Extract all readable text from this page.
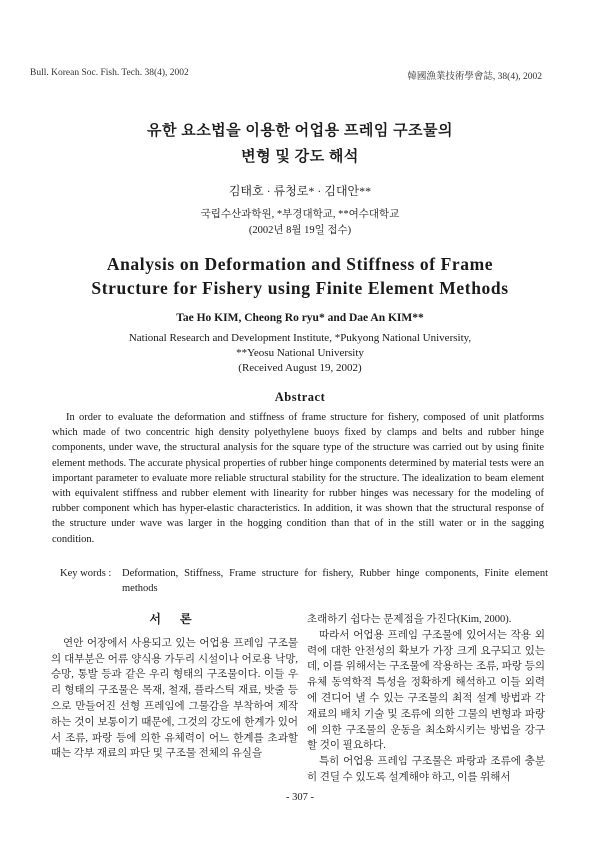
Bull. Korean Soc. Fish. Tech. 38(4), 2002	韓國漁業技術學會誌, 38(4), 2002
유한 요소법을 이용한 어업용 프레임 구조물의
변형 및 강도 해석
김태호 · 류청로* · 김대안**
국립수산과학원, *부경대학교, **여수대학교
(2002년 8월 19일 접수)
Analysis on Deformation and Stiffness of Frame
Structure for Fishery using Finite Element Methods
Tae Ho KIM, Cheong Ro ryu* and Dae An KIM**
National Research and Development Institute, *Pukyong National University,
**Yeosu National University
(Received August 19, 2002)
Abstract

In order to evaluate the deformation and stiffness of frame structure for fishery, composed of unit platforms which made of two concentric high density polyethylene buoys fixed by clamps and belts and rubber hinge components, under wave, the structural analysis for the square type of the structure was carried out by using finite element methods. The accurate physical properties of rubber hinge components determined by material tests were an important parameter to evaluate more reliable structural stability for the structure. The idealization to beam element with equivalent stiffness and rubber element with linearity for rubber hinges was necessary for the modeling of rubber component which has hyper-elastic characteristics. In addition, it was shown that the structural response of the structure under wave was larger in the hogging condition than that of in the still water or in the sagging condition.

Key words : Deformation, Stiffness, Frame structure for fishery, Rubber hinge components, Finite element methods
서 론

연안 어장에서 사용되고 있는 어업용 프레임 구조물의 대부분은 어류 양식용 가두리 시설이나 어로용 낙망, 승망, 통발 등과 같은 우리 형태의 구조물이다. 이들 우리 형태의 구조물은 목재, 철재, 플라스틱 재료, 밧줄 등으로 만들어진 선형 프레임에 그물감을 부착하여 제작하는 것이 보통이기 때문에, 그것의 강도에 한계가 있어서 조류, 파랑 등에 의한 유체력이 어느 한계를 초과할 때는 각부 재료의 파단 및 구조물 전체의 유실을

초래하기 쉽다는 문제점을 가진다(Kim, 2000).

따라서 어업용 프레임 구조물에 있어서는 작용 외력에 대한 안전성의 확보가 가장 크게 요구되고 있는데, 이를 위해서는 구조물에 작용하는 조류, 파랑 등의 유체 동역학적 특성을 정확하게 해석하고 이들 외력에 견디어 낼 수 있는 구조물의 최적 설계 방법과 각 재료의 배치 기술 및 조류에 의한 그물의 변형과 파랑에 의한 구조물의 운동을 최소화시키는 방법을 강구할 것이 필요하다.

특히 어업용 프레임 구조물은 파랑과 조류에 충분히 견딜 수 있도록 설계해야 하고, 이를 위해서

- 307 -
